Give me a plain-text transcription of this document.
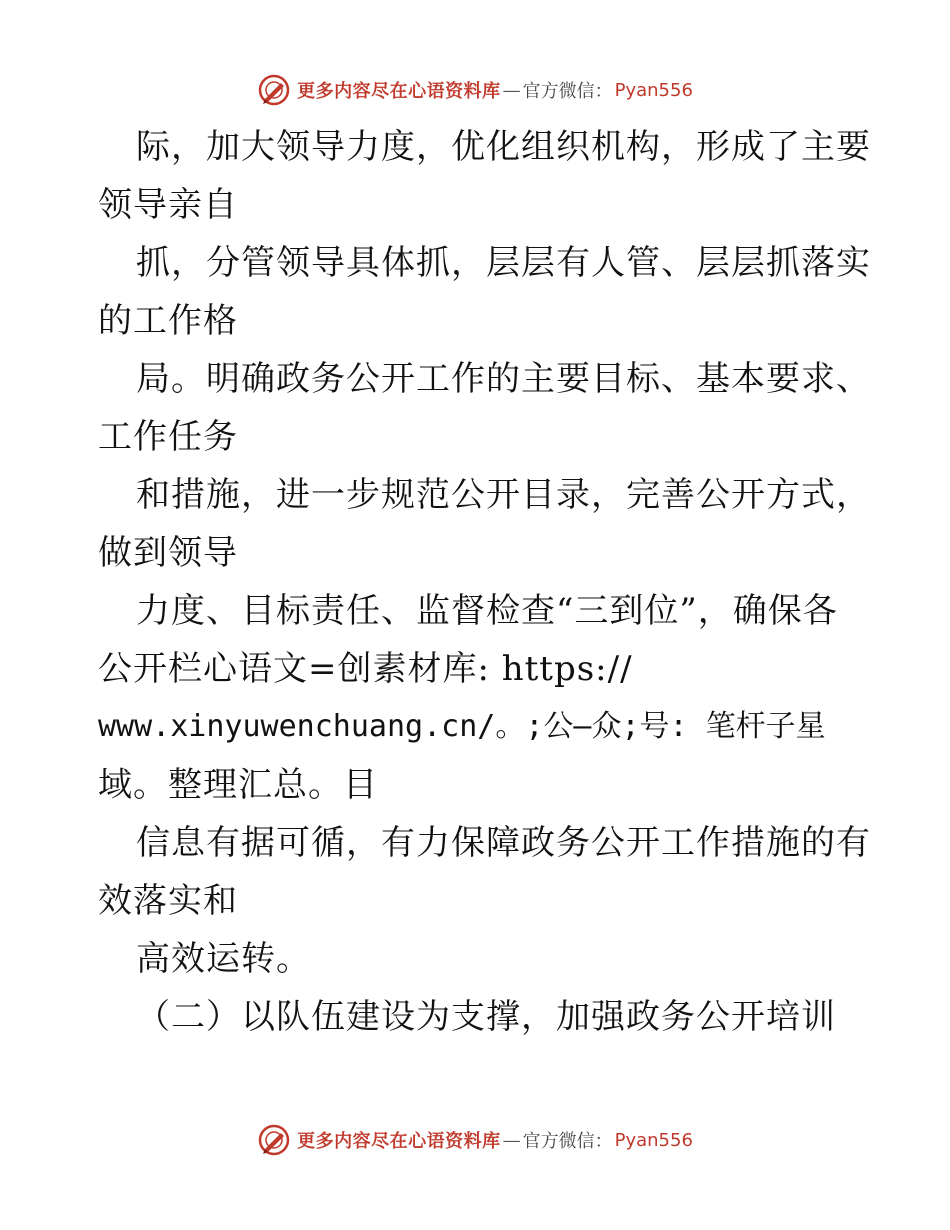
更多内容尽在心语资料库 — 官方微信： Pyan556
际，加大领导力度，优化组织机构，形成了主要
领导亲自
抓，分管领导具体抓，层层有人管、层层抓落实
的工作格
局。明确政务公开工作的主要目标、基本要求、
工作任务
和措施，进一步规范公开目录，完善公开方式，
做到领导
力度、目标责任、监督检查“三到位”，确保各
公开栏心语文=创素材库: https://
www.xinyuwenchuang.cn/。;公—众;号: 笔杆子星
域。整理汇总。目
信息有据可循，有力保障政务公开工作措施的有
效落实和
高效运转。
（二）以队伍建设为支撑，加强政务公开培训
更多内容尽在心语资料库 — 官方微信： Pyan556
